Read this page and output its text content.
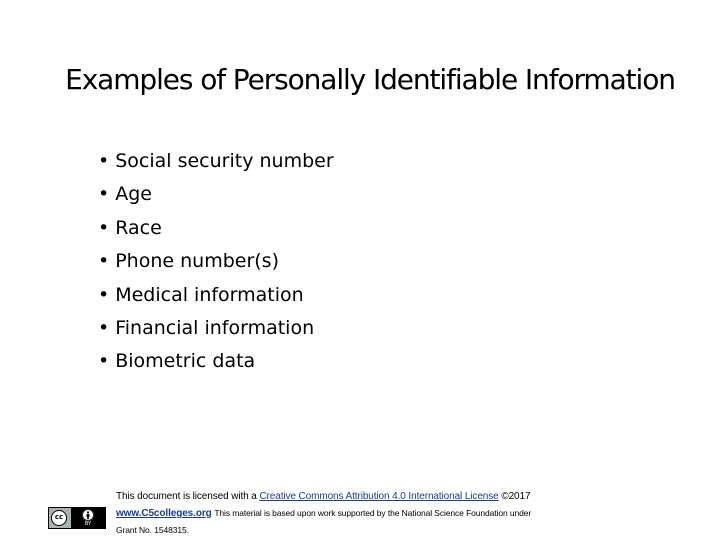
Examples of Personally Identifiable Information
• Social security number
• Age
• Race
• Phone number(s)
• Medical information
• Financial information
• Biometric data
cc
BY
This document is licensed with a Creative Commons Attribution 4.0 International License ©2017
www.C5colleges.org This material is based upon work supported by the National Science Foundation under
Grant No. 1548315.
